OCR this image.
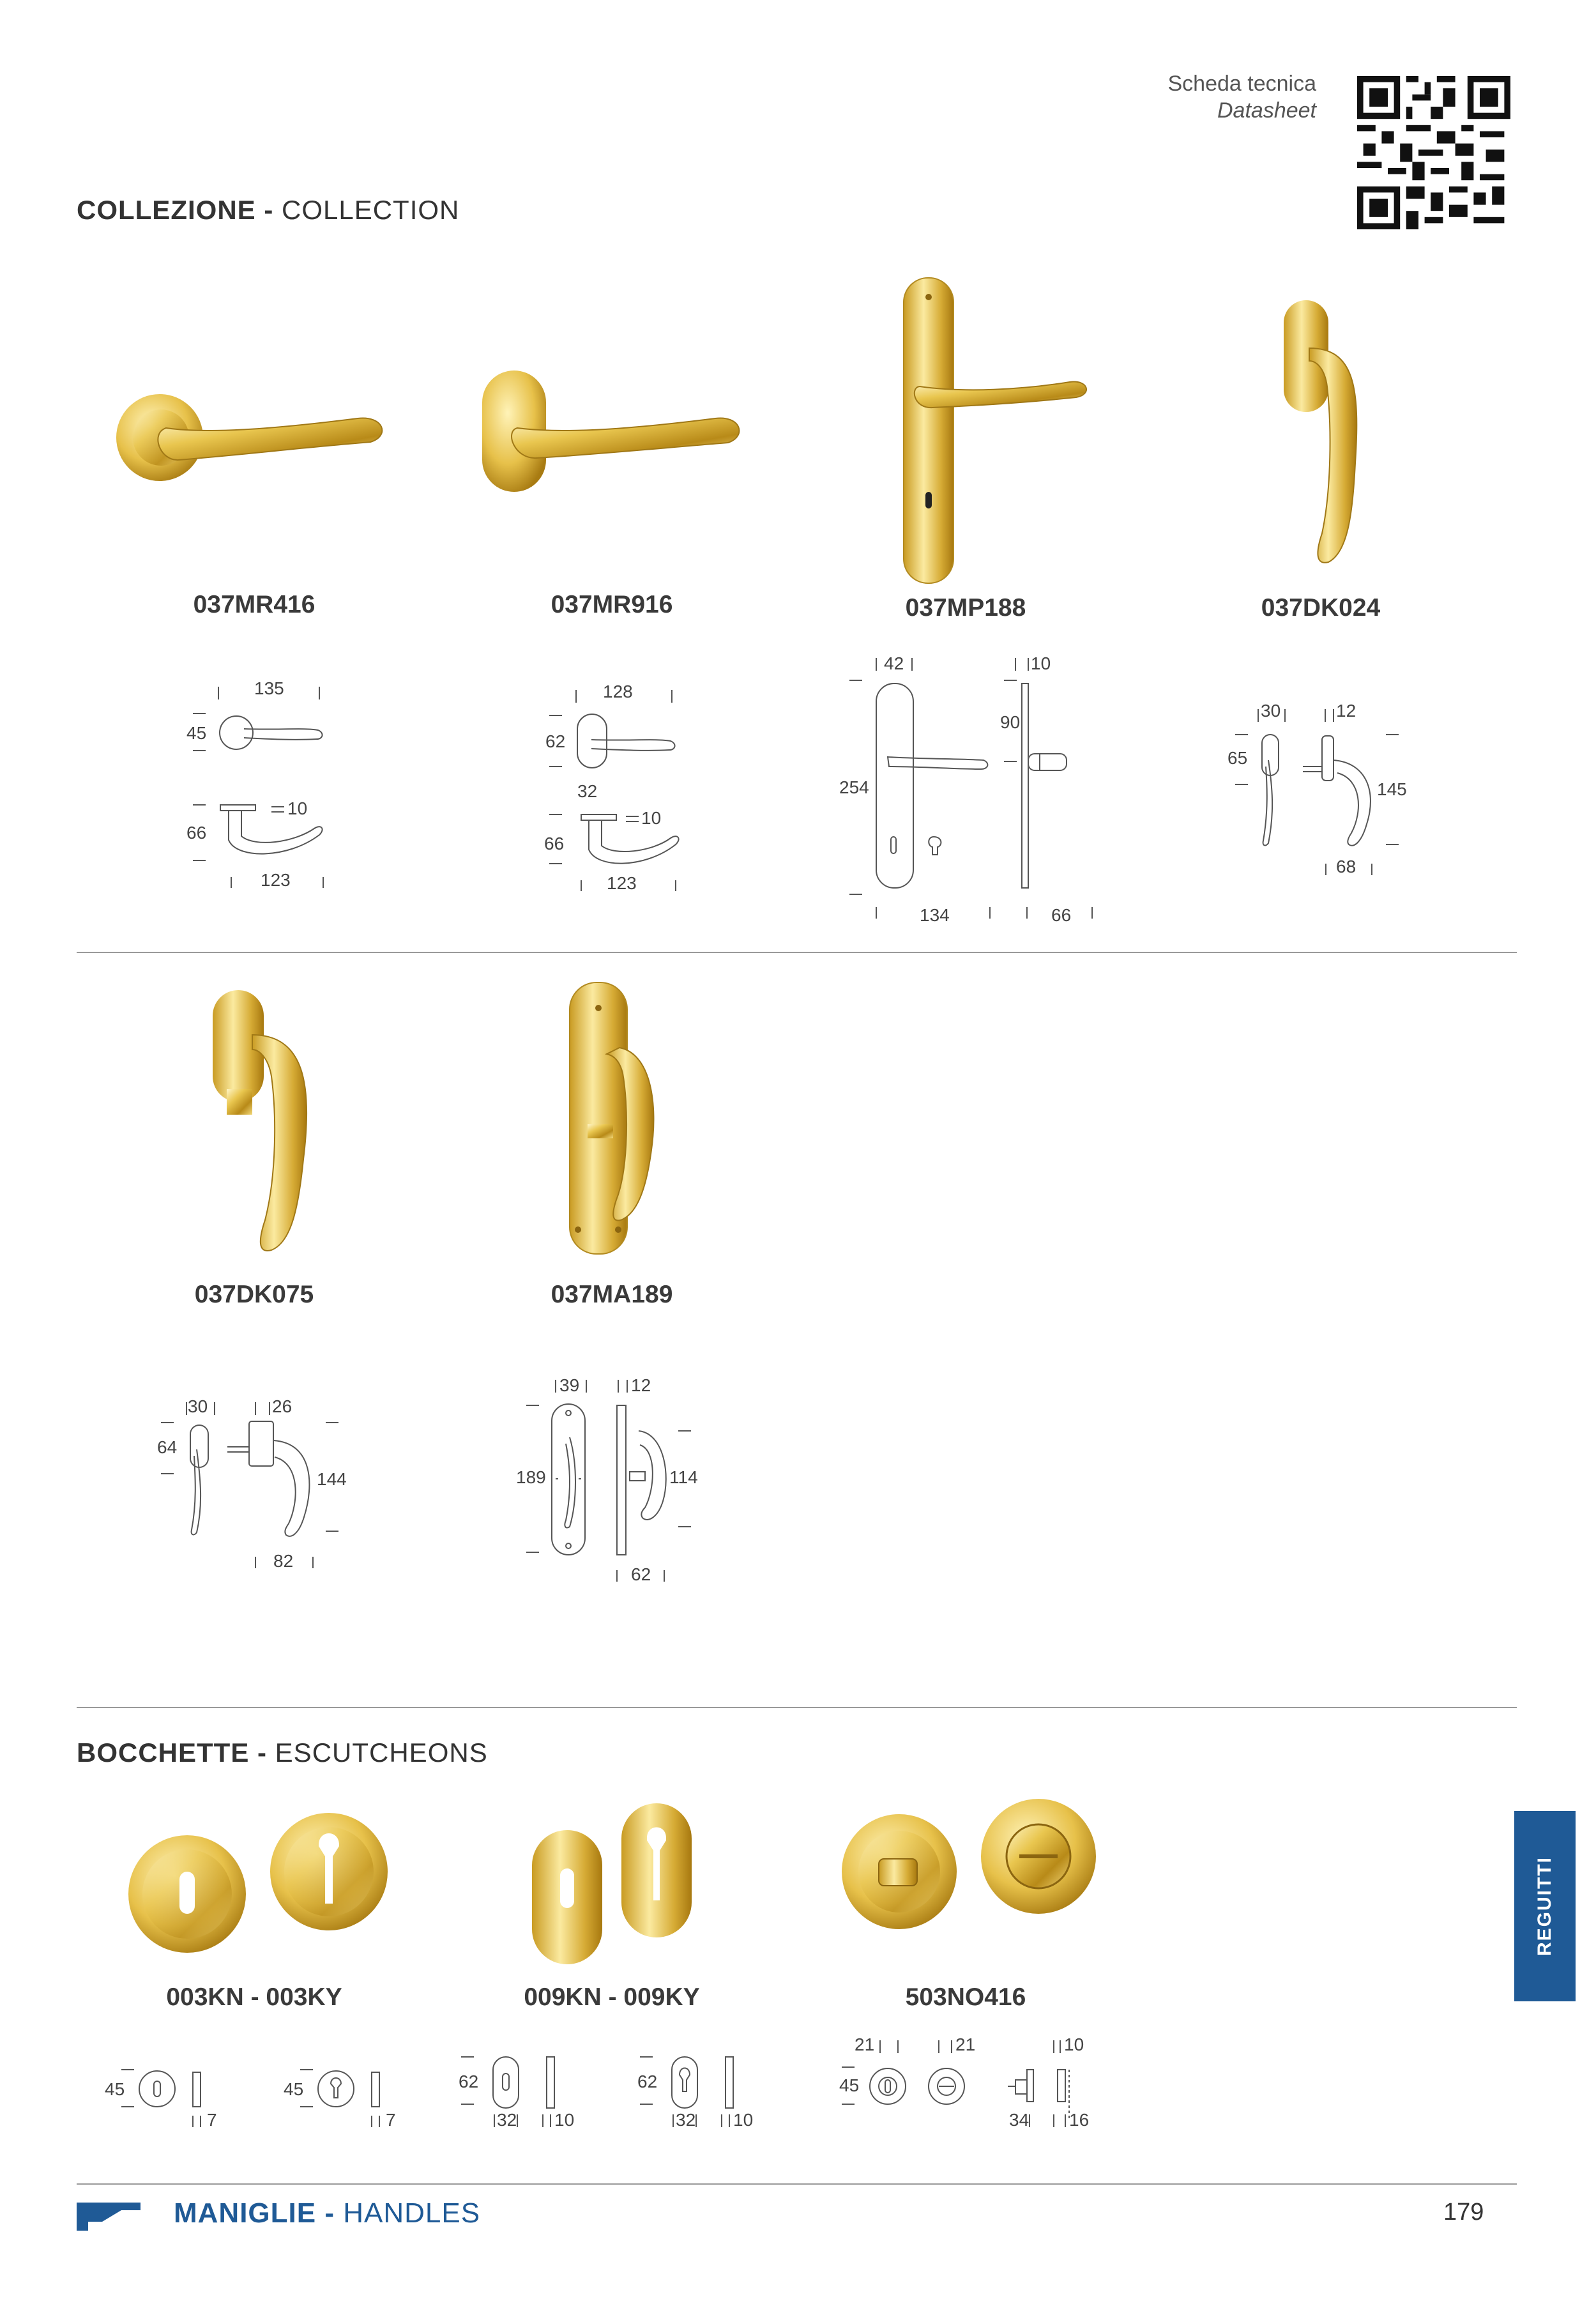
Scheda tecnica
Datasheet
COLLEZIONE - COLLECTION
037MR416	037MR916	037MP188	037DK024
135
45
10
66
123
128
62
32
10
66
123
42	10
90
254
134	66
30	12
65
145
68
037DK075	037MA189
30	26
64
144
82
39	12
189	114
62
BOCCHETTE - ESCUTCHEONS
003KN - 003KY	009KN - 009KY	503NO416
45
7
45
7
62
32 10
62
32 10
21	21	10
45
34 16
REGUITTI
MANIGLIE - HANDLES	179
